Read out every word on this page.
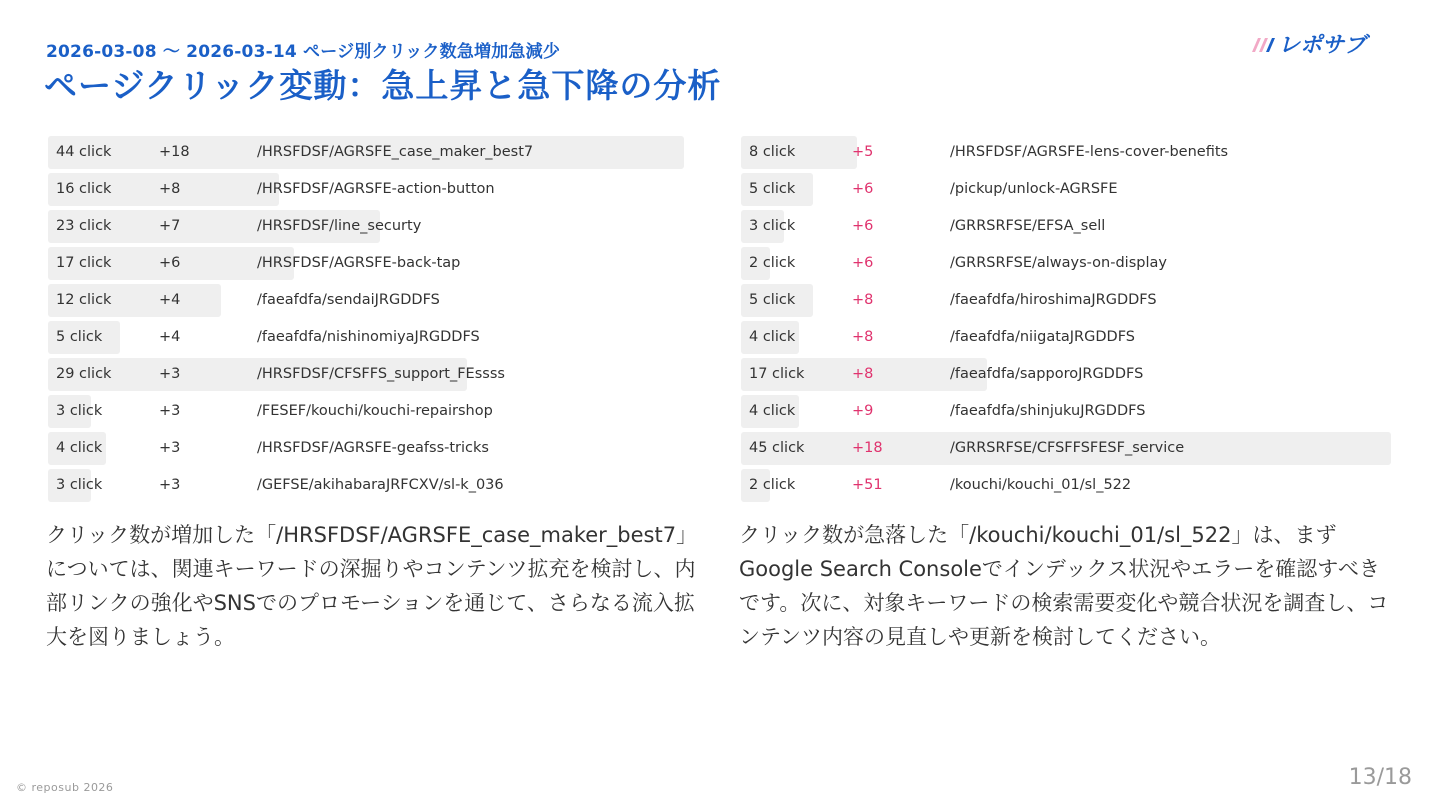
2026-03-08 〜 2026-03-14 ページ別クリック数急増加急減少
ページクリック変動：急上昇と急下降の分析
レポサブ
44 click	+18	/HRSFDSF/AGRSFE_case_maker_best7
16 click	+8	/HRSFDSF/AGRSFE-action-button
23 click	+7	/HRSFDSF/line_securty
17 click	+6	/HRSFDSF/AGRSFE-back-tap
12 click	+4	/faeafdfa/sendaiJRGDDFS
5 click	+4	/faeafdfa/nishinomiyaJRGDDFS
29 click	+3	/HRSFDSF/CFSFFS_support_FEssss
3 click	+3	/FESEF/kouchi/kouchi-repairshop
4 click	+3	/HRSFDSF/AGRSFE-geafss-tricks
3 click	+3	/GEFSE/akihabaraJRFCXV/sl-k_036
8 click	+5	/HRSFDSF/AGRSFE-lens-cover-benefits
5 click	+6	/pickup/unlock-AGRSFE
3 click	+6	/GRRSRFSE/EFSA_sell
2 click	+6	/GRRSRFSE/always-on-display
5 click	+8	/faeafdfa/hiroshimaJRGDDFS
4 click	+8	/faeafdfa/niigataJRGDDFS
17 click	+8	/faeafdfa/sapporoJRGDDFS
4 click	+9	/faeafdfa/shinjukuJRGDDFS
45 click	+18	/GRRSRFSE/CFSFFSFESF_service
2 click	+51	/kouchi/kouchi_01/sl_522
クリック数が増加した「/HRSFDSF/AGRSFE_case_maker_best7」については、関連キーワードの深掘りやコンテンツ拡充を検討し、内部リンクの強化やSNSでのプロモーションを通じて、さらなる流入拡大を図りましょう。
クリック数が急落した「/kouchi/kouchi_01/sl_522」は、まずGoogle Search Consoleでインデックス状況やエラーを確認すべきです。次に、対象キーワードの検索需要変化や競合状況を調査し、コンテンツ内容の見直しや更新を検討してください。
© reposub 2026	13/18
